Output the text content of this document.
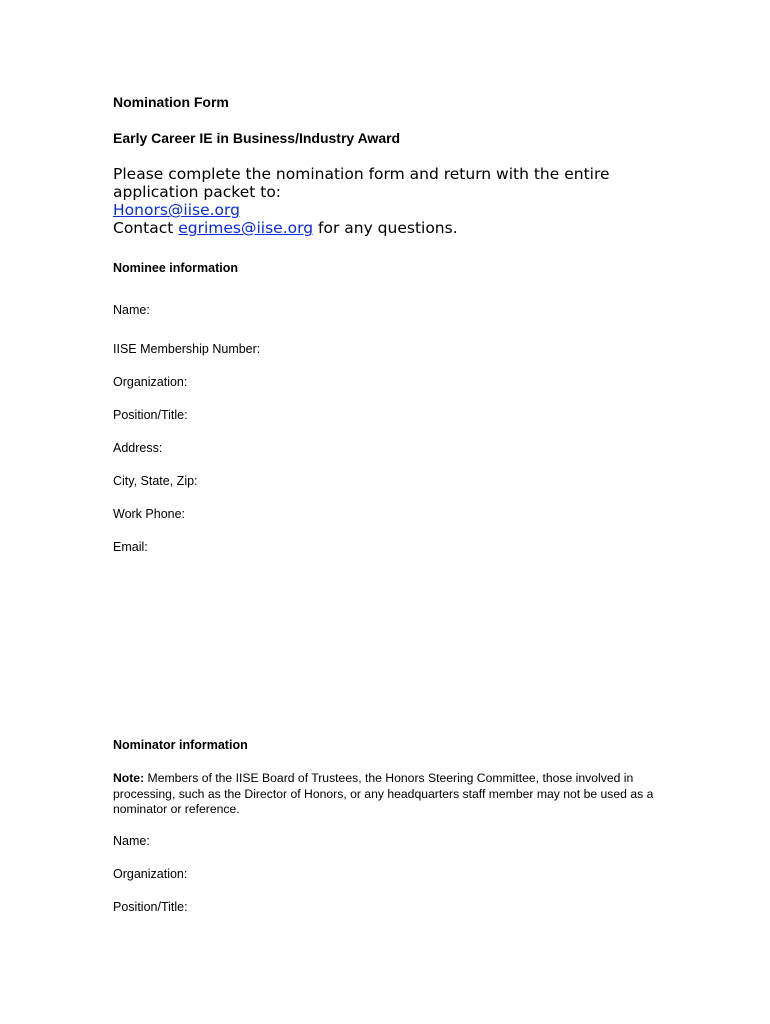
Nomination Form
Early Career IE in Business/Industry Award
Please complete the nomination form and return with the entire
application packet to:
Honors@iise.org
Contact egrimes@iise.org for any questions.
Nominee information
Name:
IISE Membership Number:
Organization:
Position/Title:
Address:
City, State, Zip:
Work Phone:
Email:
Nominator information
Note: Members of the IISE Board of Trustees, the Honors Steering Committee, those involved in processing, such as the Director of Honors, or any headquarters staff member may not be used as a nominator or reference.
Name:
Organization:
Position/Title:
